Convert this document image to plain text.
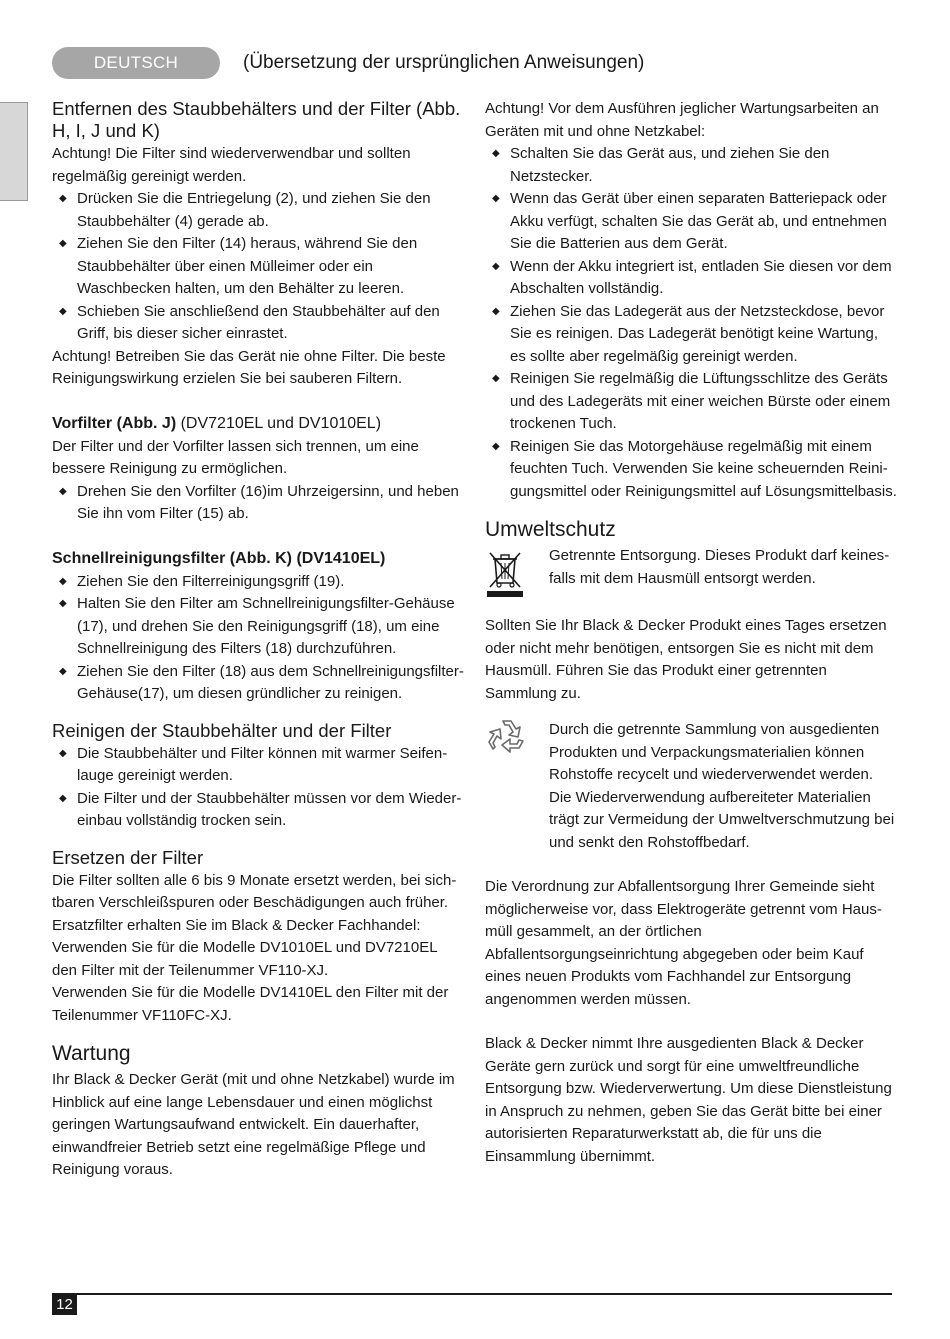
DEUTSCH	(Übersetzung der ursprünglichen Anweisungen)
Entfernen des Staubbehälters und der Filter (Abb. H, I, J und K)

Achtung! Die Filter sind wiederverwendbar und sollten regelmäßig gereinigt werden.

◆ Drücken Sie die Entriegelung (2), und ziehen Sie den Staubbehälter (4) gerade ab.
◆ Ziehen Sie den Filter (14) heraus, während Sie den Staubbehälter über einen Mülleimer oder ein Waschbecken halten, um den Behälter zu leeren.
◆ Schieben Sie anschließend den Staubbehälter auf den Griff, bis dieser sicher einrastet.

Achtung! Betreiben Sie das Gerät nie ohne Filter. Die beste Reinigungswirkung erzielen Sie bei sauberen Filtern.

Vorfilter (Abb. J) (DV7210EL und DV1010EL)

Der Filter und der Vorfilter lassen sich trennen, um eine bessere Reinigung zu ermöglichen.

◆ Drehen Sie den Vorfilter (16)im Uhrzeigersinn, und heben Sie ihn vom Filter (15) ab.
Schnellreinigungsfilter (Abb. K) (DV1410EL)
◆ Ziehen Sie den Filterreinigungsgriff (19).
◆ Halten Sie den Filter am Schnellreinigungsfilter-Gehäuse (17), und drehen Sie den Reinigungsgriff (18), um eine Schnellreinigung des Filters (18) durchzuführen.
◆ Ziehen Sie den Filter (18) aus dem Schnellreinigungsfilter-Gehäuse(17), um diesen gründlicher zu reinigen.
Reinigen der Staubbehälter und der Filter
◆ Die Staubbehälter und Filter können mit warmer Seifenlauge gereinigt werden.
◆ Die Filter und der Staubbehälter müssen vor dem Wiedereinbau vollständig trocken sein.
Ersetzen der Filter

Die Filter sollten alle 6 bis 9 Monate ersetzt werden, bei sichtbaren Verschleißspuren oder Beschädigungen auch früher. Ersatzfilter erhalten Sie im Black & Decker Fachhandel:

Verwenden Sie für die Modelle DV1010EL und DV7210EL den Filter mit der Teilenummer VF110-XJ.

Verwenden Sie für die Modelle DV1410EL den Filter mit der Teilenummer VF110FC-XJ.

Wartung

Ihr Black & Decker Gerät (mit und ohne Netzkabel) wurde im Hinblick auf eine lange Lebensdauer und einen möglichst geringen Wartungsaufwand entwickelt. Ein dauerhafter, einwandfreier Betrieb setzt eine regelmäßige Pflege und Reinigung voraus.

Achtung! Vor dem Ausführen jeglicher Wartungsarbeiten an Geräten mit und ohne Netzkabel:

◆ Schalten Sie das Gerät aus, und ziehen Sie den Netzstecker.
◆ Wenn das Gerät über einen separaten Batteriepack oder Akku verfügt, schalten Sie das Gerät ab, und entnehmen Sie die Batterien aus dem Gerät.
◆ Wenn der Akku integriert ist, entladen Sie diesen vor dem Abschalten vollständig.
◆ Ziehen Sie das Ladegerät aus der Netzsteckdose, bevor Sie es reinigen. Das Ladegerät benötigt keine Wartung, es sollte aber regelmäßig gereinigt werden.
◆ Reinigen Sie regelmäßig die Lüftungsschlitze des Geräts und des Ladegeräts mit einer weichen Bürste oder einem trockenen Tuch.
◆ Reinigen Sie das Motorgehäuse regelmäßig mit einem feuchten Tuch. Verwenden Sie keine scheuernden Reinigungsmittel oder Reinigungsmittel auf Lösungsmittelbasis.
Umweltschutz

Getrennte Entsorgung. Dieses Produkt darf keinesfalls mit dem Hausmüll entsorgt werden.

Sollten Sie Ihr Black & Decker Produkt eines Tages ersetzen oder nicht mehr benötigen, entsorgen Sie es nicht mit dem Hausmüll. Führen Sie das Produkt einer getrennten Sammlung zu.

Durch die getrennte Sammlung von ausgedienten Produkten und Verpackungsmaterialien können Rohstoffe recycelt und wiederverwendet werden. Die Wiederverwendung aufbereiteter Materialien trägt zur Vermeidung der Umweltverschmutzung bei und senkt den Rohstoffbedarf.

Die Verordnung zur Abfallentsorgung Ihrer Gemeinde sieht möglicherweise vor, dass Elektrogeräte getrennt vom Hausmüll gesammelt, an der örtlichen Abfallentsorgungseinrichtung abgegeben oder beim Kauf eines neuen Produkts vom Fachhandel zur Entsorgung angenommen werden müssen.

Black & Decker nimmt Ihre ausgedienten Black & Decker Geräte gern zurück und sorgt für eine umweltfreundliche Entsorgung bzw. Wiederverwertung. Um diese Dienstleistung in Anspruch zu nehmen, geben Sie das Gerät bitte bei einer autorisierten Reparaturwerkstatt ab, die für uns die Einsammlung übernimmt.

12
